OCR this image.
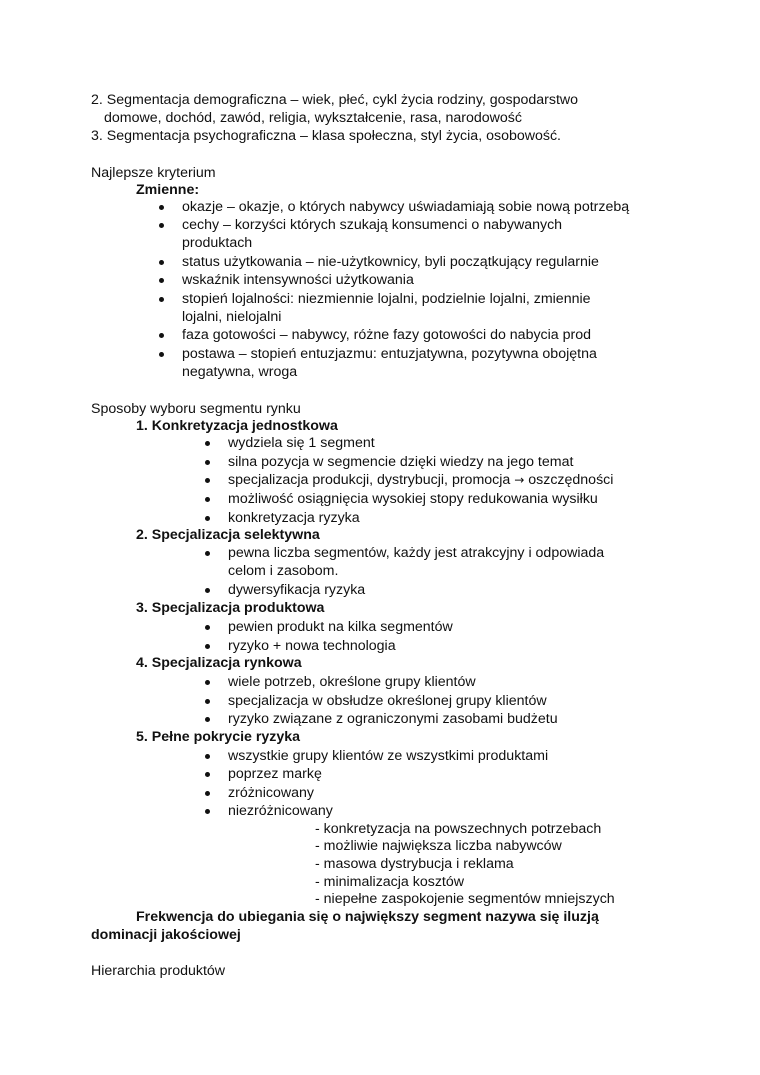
2. Segmentacja demograficzna – wiek, płeć, cykl życia rodziny, gospodarstwo
domowe, dochód, zawód, religia, wykształcenie, rasa, narodowość
3. Segmentacja psychograficzna – klasa społeczna, styl życia, osobowość.
Najlepsze kryterium
Zmienne:
okazje – okazje, o których nabywcy uświadamiają sobie nową potrzebą
cechy – korzyści których szukają konsumenci o nabywanych
produktach
status użytkowania – nie-użytkownicy, byli początkujący regularnie
wskaźnik intensywności użytkowania
stopień lojalności: niezmiennie lojalni, podzielnie lojalni, zmiennie
lojalni, nielojalni
faza gotowości – nabywcy, różne fazy gotowości do nabycia prod
postawa – stopień entuzjazmu: entuzjatywna, pozytywna obojętna
negatywna, wroga
Sposoby wyboru segmentu rynku
1. Konkretyzacja jednostkowa
wydziela się 1 segment
silna pozycja w segmencie dzięki wiedzy na jego temat
specjalizacja produkcji, dystrybucji, promocja → oszczędności
możliwość osiągnięcia wysokiej stopy redukowania wysiłku
konkretyzacja ryzyka
2. Specjalizacja selektywna
pewna liczba segmentów, każdy jest atrakcyjny i odpowiada
celom i zasobom.
dywersyfikacja ryzyka
3. Specjalizacja produktowa
pewien produkt na kilka segmentów
ryzyko + nowa technologia
4. Specjalizacja rynkowa
wiele potrzeb, określone grupy klientów
specjalizacja w obsłudze określonej grupy klientów
ryzyko związane z ograniczonymi zasobami budżetu
5. Pełne pokrycie ryzyka
wszystkie grupy klientów ze wszystkimi produktami
poprzez markę
zróżnicowany
niezróżnicowany
- konkretyzacja na powszechnych potrzebach
- możliwie największa liczba nabywców
- masowa dystrybucja i reklama
- minimalizacja kosztów
- niepełne zaspokojenie segmentów mniejszych
Frekwencja do ubiegania się o największy segment nazywa się iluzją
dominacji jakościowej
Hierarchia produktów
